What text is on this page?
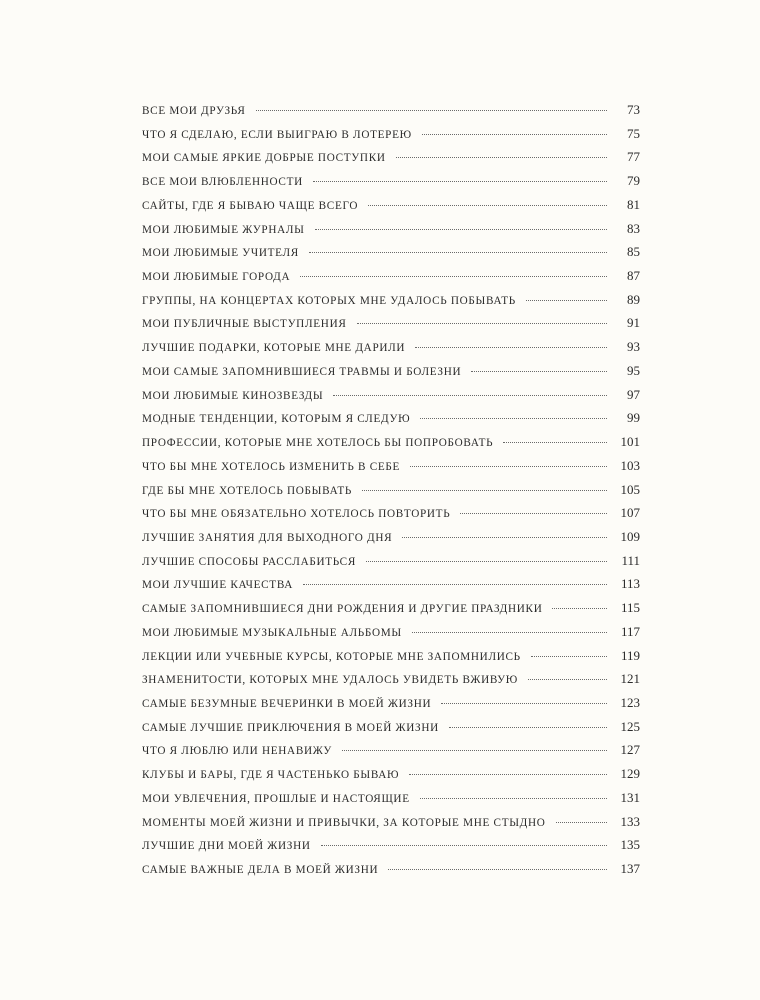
ВСЕ МОИ ДРУЗЬЯ	73
ЧТО Я СДЕЛАЮ, ЕСЛИ ВЫИГРАЮ В ЛОТЕРЕЮ	75
МОИ САМЫЕ ЯРКИЕ ДОБРЫЕ ПОСТУПКИ	77
ВСЕ МОИ ВЛЮБЛЕННОСТИ	79
САЙТЫ, ГДЕ Я БЫВАЮ ЧАЩЕ ВСЕГО	81
МОИ ЛЮБИМЫЕ ЖУРНАЛЫ	83
МОИ ЛЮБИМЫЕ УЧИТЕЛЯ	85
МОИ ЛЮБИМЫЕ ГОРОДА	87
ГРУППЫ, НА КОНЦЕРТАХ КОТОРЫХ МНЕ УДАЛОСЬ ПОБЫВАТЬ	89
МОИ ПУБЛИЧНЫЕ ВЫСТУПЛЕНИЯ	91
ЛУЧШИЕ ПОДАРКИ, КОТОРЫЕ МНЕ ДАРИЛИ	93
МОИ САМЫЕ ЗАПОМНИВШИЕСЯ ТРАВМЫ И БОЛЕЗНИ	95
МОИ ЛЮБИМЫЕ КИНОЗВЕЗДЫ	97
МОДНЫЕ ТЕНДЕНЦИИ, КОТОРЫМ Я СЛЕДУЮ	99
ПРОФЕССИИ, КОТОРЫЕ МНЕ ХОТЕЛОСЬ БЫ ПОПРОБОВАТЬ	101
ЧТО БЫ МНЕ ХОТЕЛОСЬ ИЗМЕНИТЬ В СЕБЕ	103
ГДЕ БЫ МНЕ ХОТЕЛОСЬ ПОБЫВАТЬ	105
ЧТО БЫ МНЕ ОБЯЗАТЕЛЬНО ХОТЕЛОСЬ ПОВТОРИТЬ	107
ЛУЧШИЕ ЗАНЯТИЯ ДЛЯ ВЫХОДНОГО ДНЯ	109
ЛУЧШИЕ СПОСОБЫ РАССЛАБИТЬСЯ	111
МОИ ЛУЧШИЕ КАЧЕСТВА	113
САМЫЕ ЗАПОМНИВШИЕСЯ ДНИ РОЖДЕНИЯ И ДРУГИЕ ПРАЗДНИКИ	115
МОИ ЛЮБИМЫЕ МУЗЫКАЛЬНЫЕ АЛЬБОМЫ	117
ЛЕКЦИИ ИЛИ УЧЕБНЫЕ КУРСЫ, КОТОРЫЕ МНЕ ЗАПОМНИЛИСЬ	119
ЗНАМЕНИТОСТИ, КОТОРЫХ МНЕ УДАЛОСЬ УВИДЕТЬ ВЖИВУЮ	121
САМЫЕ БЕЗУМНЫЕ ВЕЧЕРИНКИ В МОЕЙ ЖИЗНИ	123
САМЫЕ ЛУЧШИЕ ПРИКЛЮЧЕНИЯ В МОЕЙ ЖИЗНИ	125
ЧТО Я ЛЮБЛЮ ИЛИ НЕНАВИЖУ	127
КЛУБЫ И БАРЫ, ГДЕ Я ЧАСТЕНЬКО БЫВАЮ	129
МОИ УВЛЕЧЕНИЯ, ПРОШЛЫЕ И НАСТОЯЩИЕ	131
МОМЕНТЫ МОЕЙ ЖИЗНИ И ПРИВЫЧКИ, ЗА КОТОРЫЕ МНЕ СТЫДНО	133
ЛУЧШИЕ ДНИ МОЕЙ ЖИЗНИ	135
САМЫЕ ВАЖНЫЕ ДЕЛА В МОЕЙ ЖИЗНИ	137
